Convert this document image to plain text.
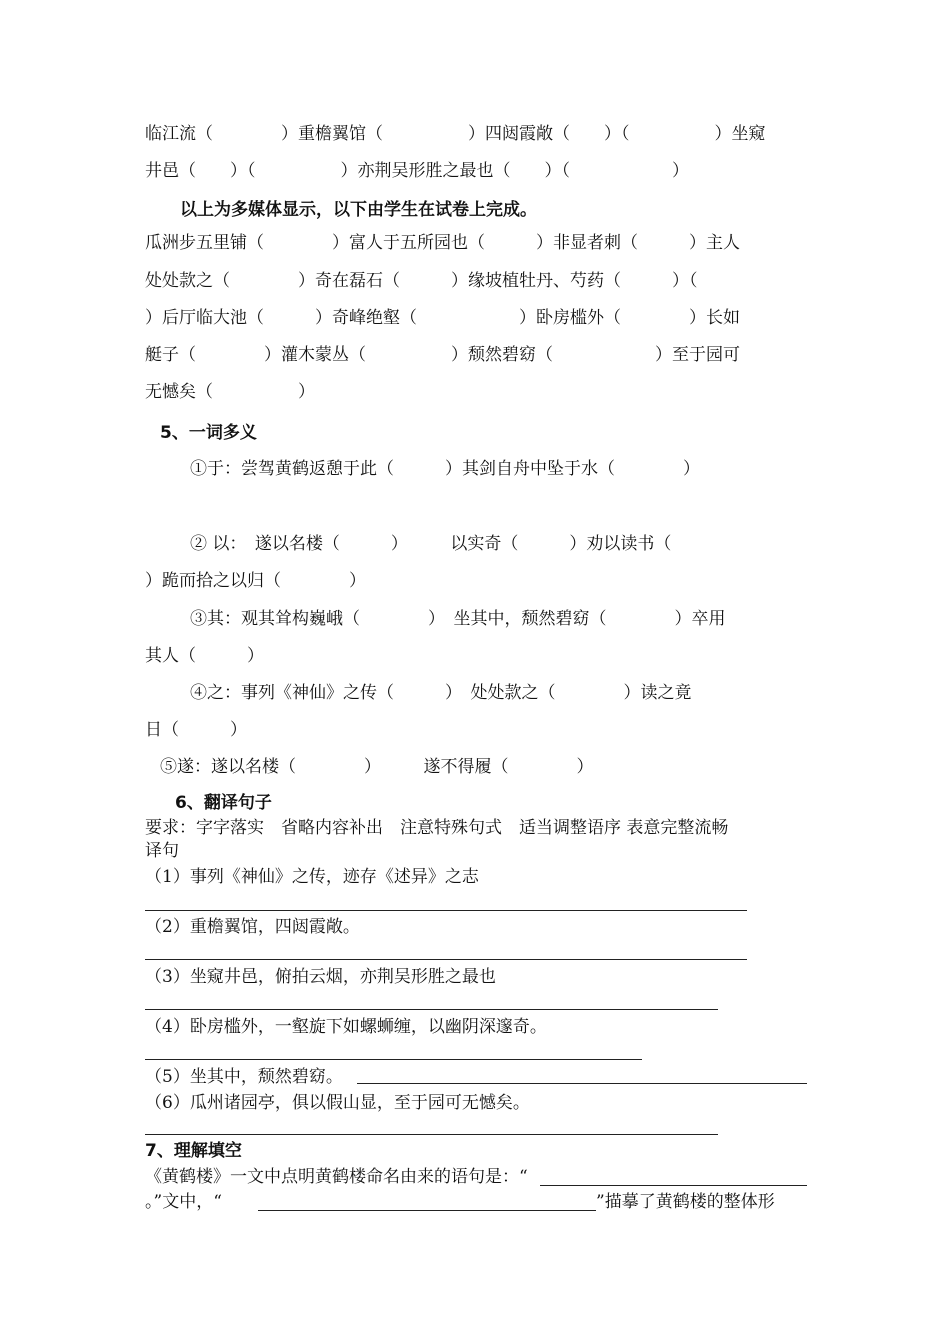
临江流（　　　　）重檐翼馆（　　　　　）四闼霞敞（　　）（　　　　　）坐窥
井邑（　　）（　　　　　）亦荆吴形胜之最也（　　）（　　　　　　）
以上为多媒体显示，以下由学生在试卷上完成。
瓜洲步五里铺（　　　　）富人于五所园也（　　　）非显者刺（　　　）主人
处处款之（　　　　）奇在磊石（　　　）缘坡植牡丹、芍药（　　　）（
）后厅临大池（　　　）奇峰绝壑（　　　　　　）卧房槛外（　　　　）长如
艇子（　　　　）灌木蒙丛（　　　　　）颓然碧窈（　　　　　　）至于园可
无憾矣（　　　　　）
5、一词多义
①于：尝驾黄鹤返憩于此（　　　）其剑自舟中坠于水（　　　　）
② 以：　遂以名楼（　　　）　　　以实奇（　　　）劝以读书（
）跪而拾之以归（　　　　）
③其：观其耸构巍峨（　　　　）　坐其中，颓然碧窈（　　　　）卒用
其人（　　　）
④之：事列《神仙》之传（　　　）　处处款之（　　　　）读之竟
日（　　　）
⑤遂：遂以名楼（　　　　）　　　遂不得履（　　　　）
6、翻译句子
要求：字字落实　省略内容补出　注意特殊句式　适当调整语序 表意完整流畅
译句
（1）事列《神仙》之传，迹存《述异》之志
（2）重檐翼馆，四闼霞敞。
（3）坐窥井邑，俯拍云烟，亦荆吴形胜之最也
（4）卧房槛外，一壑旋下如螺蛳缠，以幽阴深邃奇。
（5）坐其中，颓然碧窈。
（6）瓜州诸园亭，俱以假山显，至于园可无憾矣。
7、理解填空
《黄鹤楼》一文中点明黄鹤楼命名由来的语句是：“
。”文中，“	”描摹了黄鹤楼的整体形
